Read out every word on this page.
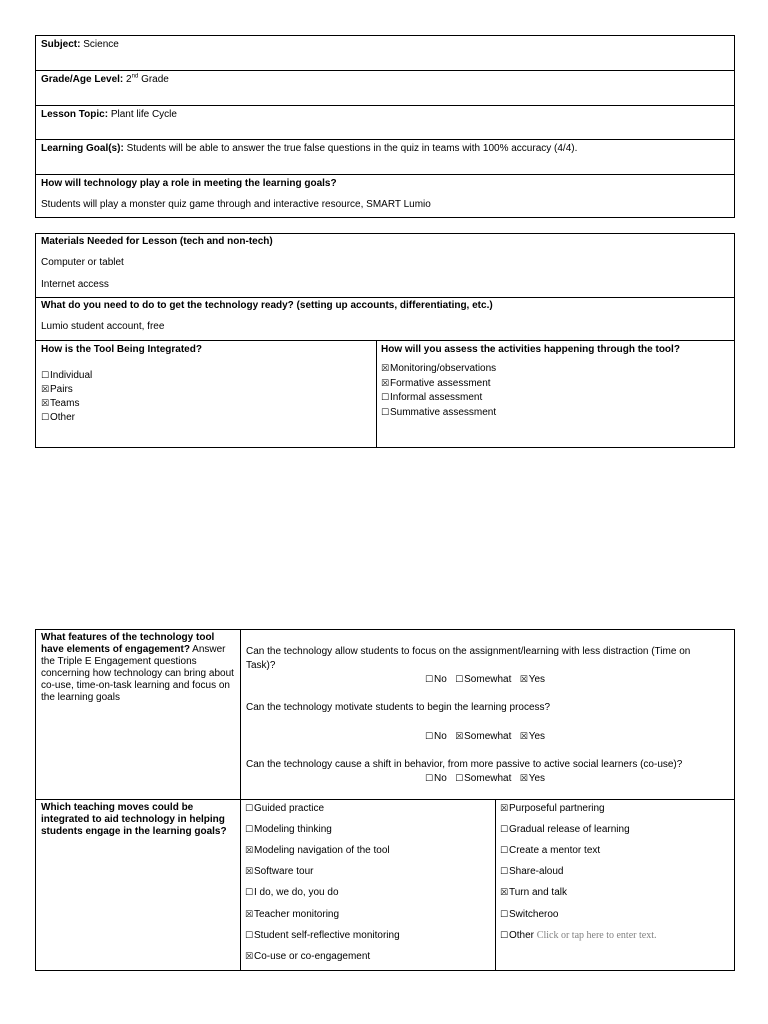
Subject: Science
Grade/Age Level: 2nd Grade
Lesson Topic: Plant life Cycle
Learning Goal(s): Students will be able to answer the true false questions in the quiz in teams with 100% accuracy (4/4).
How will technology play a role in meeting the learning goals?
Students will play a monster quiz game through and interactive resource, SMART Lumio
Materials Needed for Lesson (tech and non-tech)
Computer or tablet
Internet access
What do you need to do to get the technology ready? (setting up accounts, differentiating, etc.)
Lumio student account, free
How is the Tool Being Integrated?
☐Individual
☒Pairs
☒Teams
☐Other
How will you assess the activities happening through the tool?
☒Monitoring/observations
☒Formative assessment
☐Informal assessment
☐Summative assessment
What features of the technology tool have elements of engagement? Answer the Triple E Engagement questions concerning how technology can bring about co-use, time-on-task learning and focus on the learning goals
Can the technology allow students to focus on the assignment/learning with less distraction (Time on
Task)?
☐No ☐Somewhat ☒Yes
Can the technology motivate students to begin the learning process?
☐No ☒Somewhat ☒Yes
Can the technology cause a shift in behavior, from more passive to active social learners (co-use)?
☐No ☐Somewhat ☒Yes
Which teaching moves could be integrated to aid technology in helping students engage in the learning goals?
☐Guided practice
☐Modeling thinking
☒Modeling navigation of the tool
☒Software tour
☐I do, we do, you do
☒Teacher monitoring
☐Student self-reflective monitoring
☒Co-use or co-engagement
☒Purposeful partnering
☐Gradual release of learning
☐Create a mentor text
☐Share-aloud
☒Turn and talk
☐Switcheroo
☐Other Click or tap here to enter text.
